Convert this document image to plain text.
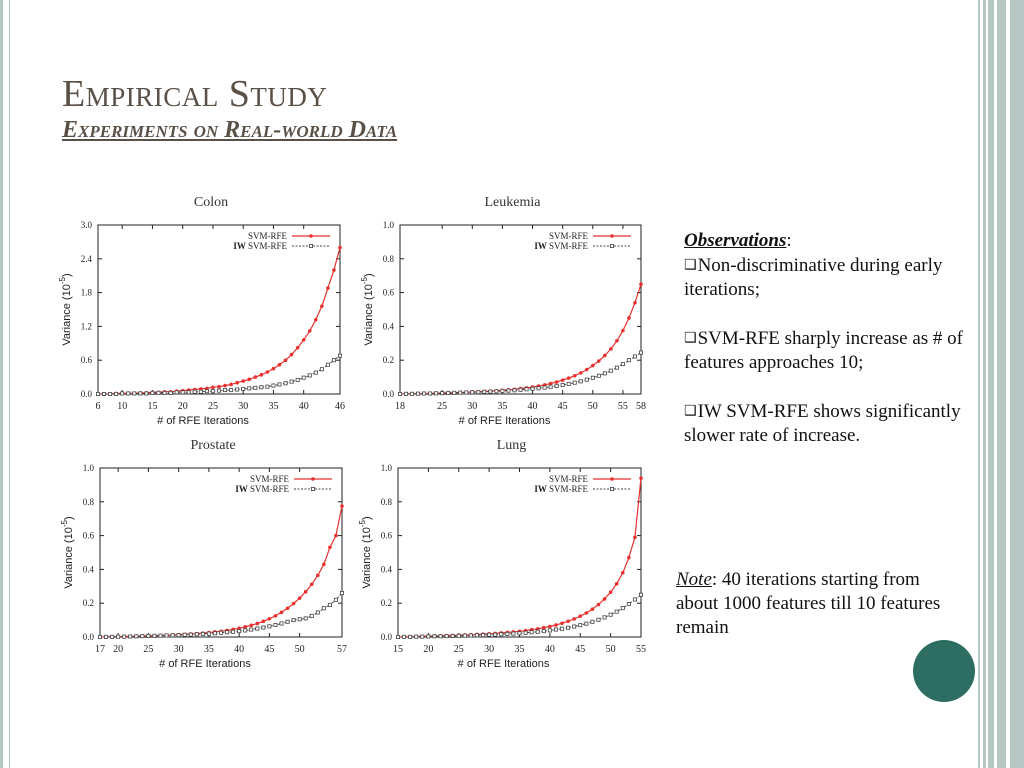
Empirical Study
Experiments on Real-world Data
Colon
6 10 15 20 25 30 35 40	46
0.0
0.6
1.2
1.8
2.4
3.0
# of RFE Iterations
Variance $(10^{-5})$
SVM-RFE
IW SVM-RFE
Leukemia
18	25 30 35 40 45 50 55 58
0.0
0.2
0.4
0.6
0.8
1.0
# of RFE Iterations
Variance $(10^{-5})$
SVM-RFE
IW SVM-RFE
Prostate
17 20 25 30 35 40 45 50	57
0.0
0.2
0.4
0.6
0.8
1.0
# of RFE Iterations
Variance $(10^{-5})$
SVM-RFE
IW SVM-RFE
Lung
15 20 25 30 35 40 45 50 55
0.0
0.2
0.4
0.6
0.8
1.0
# of RFE Iterations
Variance $(10^{-5})$
SVM-RFE
IW SVM-RFE
Observations:
❑Non-discriminative during early iterations;
❑SVM-RFE sharply increase as # of features approaches 10;
❑IW SVM-RFE shows significantly slower rate of increase.
Note: 40 iterations starting from about 1000 features till 10 features remain
